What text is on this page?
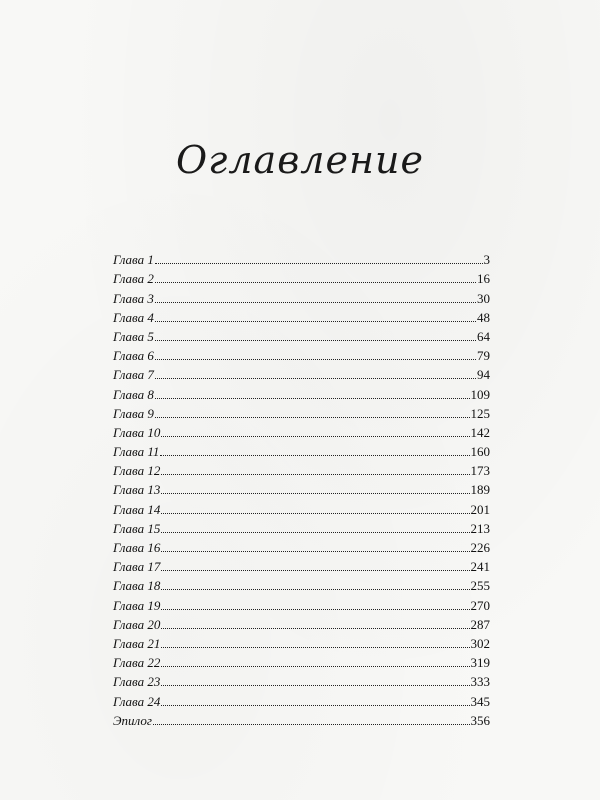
Оглавление
Глава 1	3
Глава 2	16
Глава 3	30
Глава 4	48
Глава 5	64
Глава 6	79
Глава 7	94
Глава 8	109
Глава 9	125
Глава 10	142
Глава 11	160
Глава 12	173
Глава 13	189
Глава 14	201
Глава 15	213
Глава 16	226
Глава 17	241
Глава 18	255
Глава 19	270
Глава 20	287
Глава 21	302
Глава 22	319
Глава 23	333
Глава 24	345
Эпилог	356
